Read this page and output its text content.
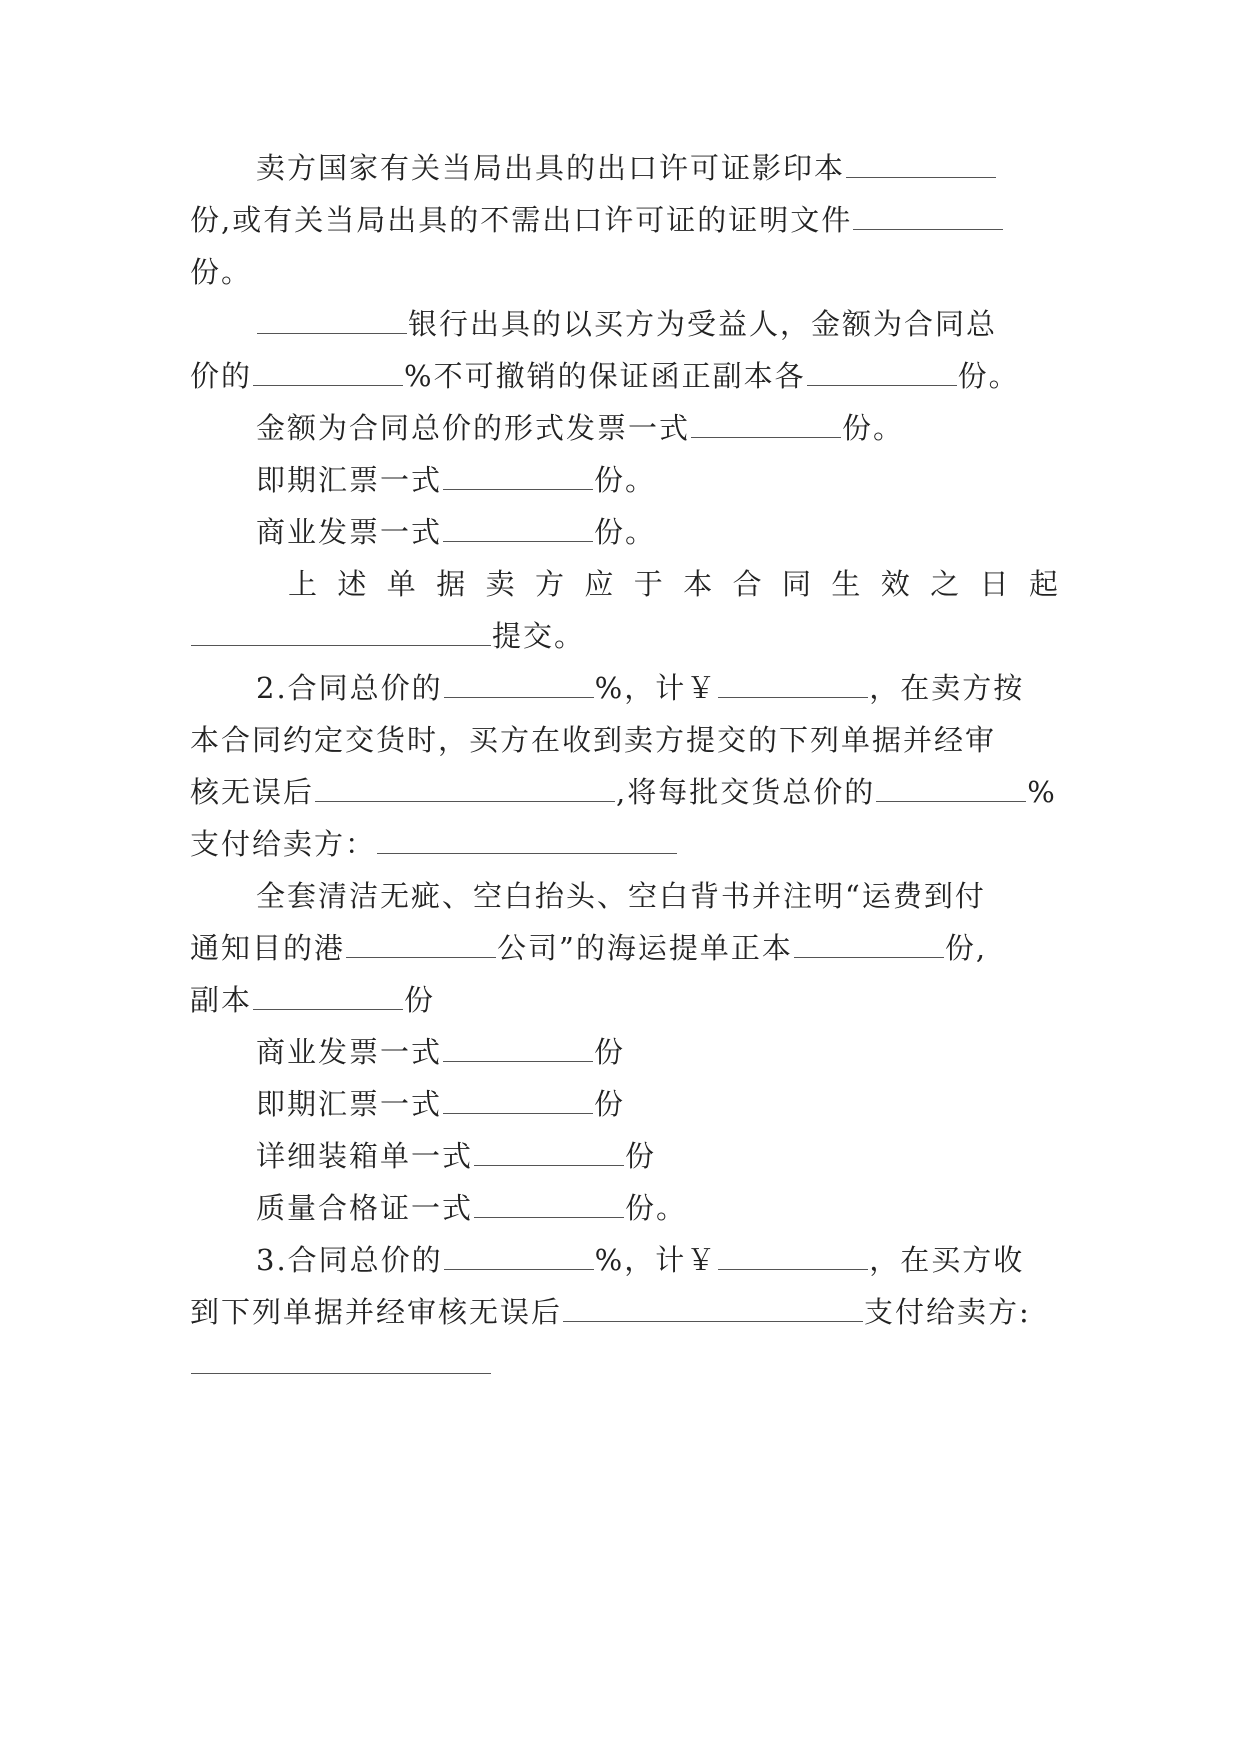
卖方国家有关当局出具的出口许可证影印本
份,或有关当局出具的不需出口许可证的证明文件
份。
银行出具的以买方为受益人，金额为合同总
价的	%不可撤销的保证函正副本各	份。
金额为合同总价的形式发票一式	份。
即期汇票一式	份。
商业发票一式	份。
上 述 单 据 卖 方 应 于 本 合 同 生 效 之 日 起
提交。
2.合同总价的	%，计￥	，在卖方按
本合同约定交货时，买方在收到卖方提交的下列单据并经审
核无误后	,将每批交货总价的	%
支付给卖方：
全套清洁无疵、空白抬头、空白背书并注明“运费到付
通知目的港	公司”的海运提单正本	份,
副本	份
商业发票一式	份
即期汇票一式	份
详细装箱单一式	份
质量合格证一式	份。
3.合同总价的	%，计￥	，在买方收
到下列单据并经审核无误后	支付给卖方:
